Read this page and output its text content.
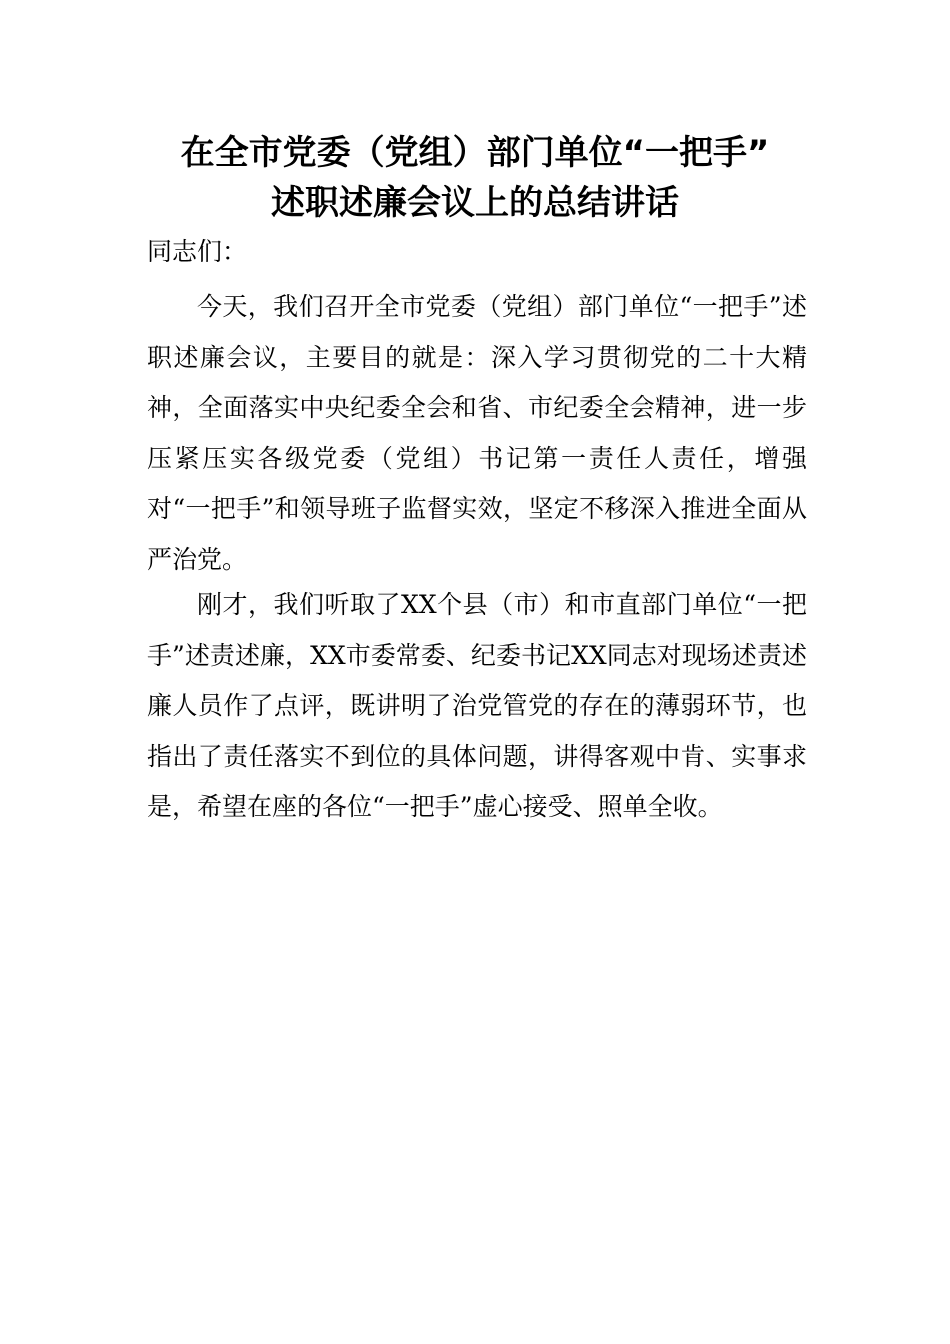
在全市党委（党组）部门单位“一把手”
述职述廉会议上的总结讲话
同志们：
今天，我们召开全市党委（党组）部门单位“一把手”述职述廉会议，主要目的就是：深入学习贯彻党的二十大精神，全面落实中央纪委全会和省、市纪委全会精神，进一步压紧压实各级党委（党组）书记第一责任人责任，增强对“一把手”和领导班子监督实效，坚定不移深入推进全面从严治党。
刚才，我们听取了XX个县（市）和市直部门单位“一把手”述责述廉，XX市委常委、纪委书记XX同志对现场述责述廉人员作了点评，既讲明了治党管党的存在的薄弱环节，也指出了责任落实不到位的具体问题，讲得客观中肯、实事求是，希望在座的各位“一把手”虚心接受、照单全收。
